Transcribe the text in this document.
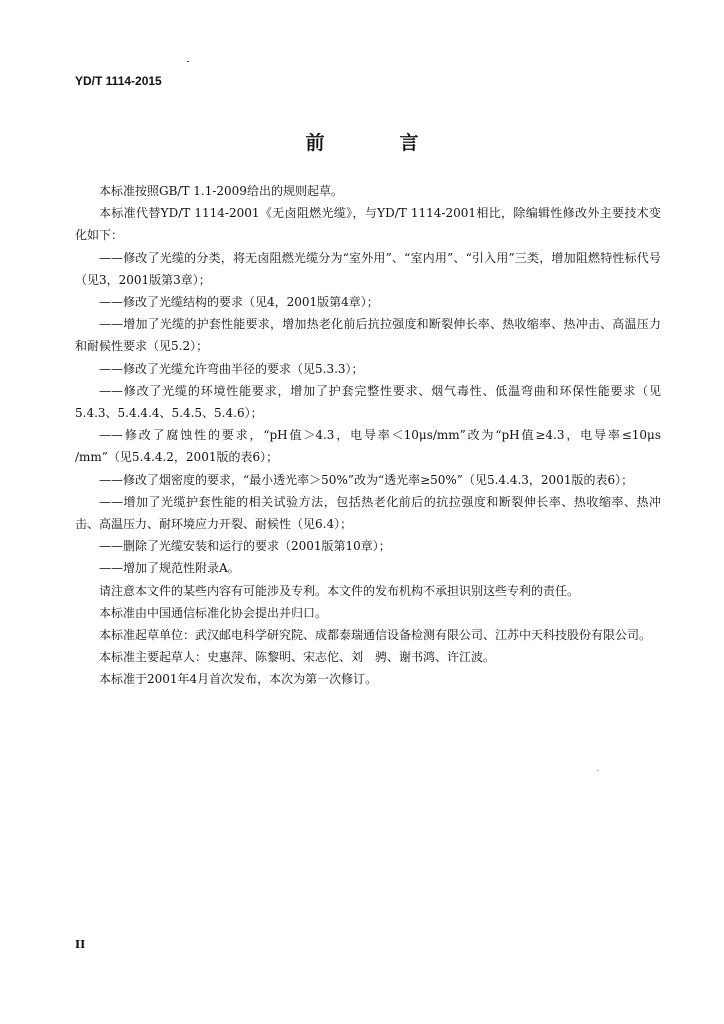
YD/T 1114-2015
前　言
本标准按照GB/T 1.1-2009给出的规则起草。
本标准代替YD/T 1114-2001《无卤阻燃光缆》，与YD/T 1114-2001相比，除编辑性修改外主要技术变化如下：
——修改了光缆的分类，将无卤阻燃光缆分为“室外用”、“室内用”、“引入用”三类，增加阻燃特性标代号（见3，2001版第3章）；
——修改了光缆结构的要求（见4，2001版第4章）；
——增加了光缆的护套性能要求，增加热老化前后抗拉强度和断裂伸长率、热收缩率、热冲击、高温压力和耐候性要求（见5.2）；
——修改了光缆允许弯曲半径的要求（见5.3.3）；
——修改了光缆的环境性能要求，增加了护套完整性要求、烟气毒性、低温弯曲和环保性能要求（见5.4.3、5.4.4.4、5.4.5、5.4.6）；
——修改了腐蚀性的要求，“pH值＞4.3，电导率＜10μs/mm”改为“pH值≥4.3，电导率≤10μs /mm”（见5.4.4.2，2001版的表6）；
——修改了烟密度的要求，“最小透光率＞50%”改为“透光率≥50%”（见5.4.4.3，2001版的表6）；
——增加了光缆护套性能的相关试验方法，包括热老化前后的抗拉强度和断裂伸长率、热收缩率、热冲击、高温压力、耐环境应力开裂、耐候性（见6.4）；
——删除了光缆安装和运行的要求（2001版第10章）；
——增加了规范性附录A。
请注意本文件的某些内容有可能涉及专利。本文件的发布机构不承担识别这些专利的责任。
本标准由中国通信标准化协会提出并归口。
本标准起草单位：武汉邮电科学研究院、成都泰瑞通信设备检测有限公司、江苏中天科技股份有限公司。
本标准主要起草人：史惠萍、陈黎明、宋志佗、刘　骋、谢书鸿、许江波。
本标准于2001年4月首次发布，本次为第一次修订。
II
